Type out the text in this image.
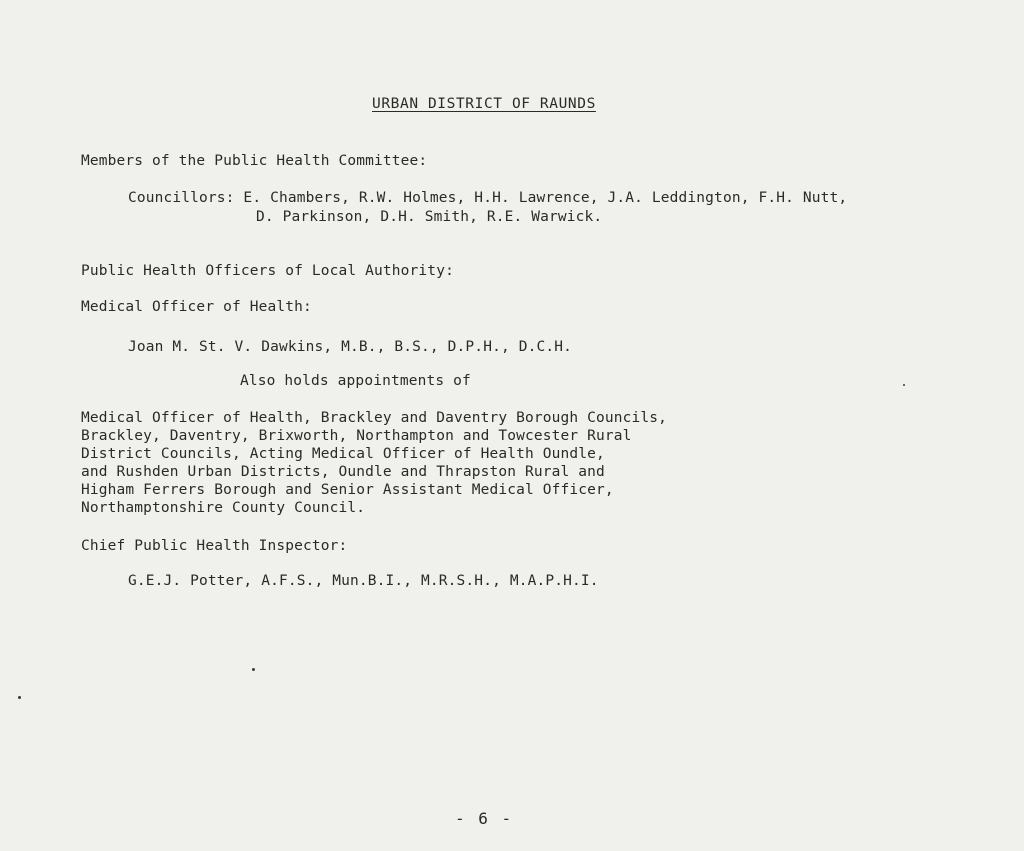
URBAN DISTRICT OF RAUNDS
Members of the Public Health Committee:
Councillors: E. Chambers, R.W. Holmes, H.H. Lawrence, J.A. Leddington, F.H. Nutt,
D. Parkinson, D.H. Smith, R.E. Warwick.
Public Health Officers of Local Authority:
Medical Officer of Health:
Joan M. St. V. Dawkins, M.B., B.S., D.P.H., D.C.H.
Also holds appointments of
Medical Officer of Health, Brackley and Daventry Borough Councils,
Brackley, Daventry, Brixworth, Northampton and Towcester Rural
District Councils, Acting Medical Officer of Health Oundle,
and Rushden Urban Districts, Oundle and Thrapston Rural and
Higham Ferrers Borough and Senior Assistant Medical Officer,
Northamptonshire County Council.
Chief Public Health Inspector:
G.E.J. Potter, A.F.S., Mun.B.I., M.R.S.H., M.A.P.H.I.
- 6 -
